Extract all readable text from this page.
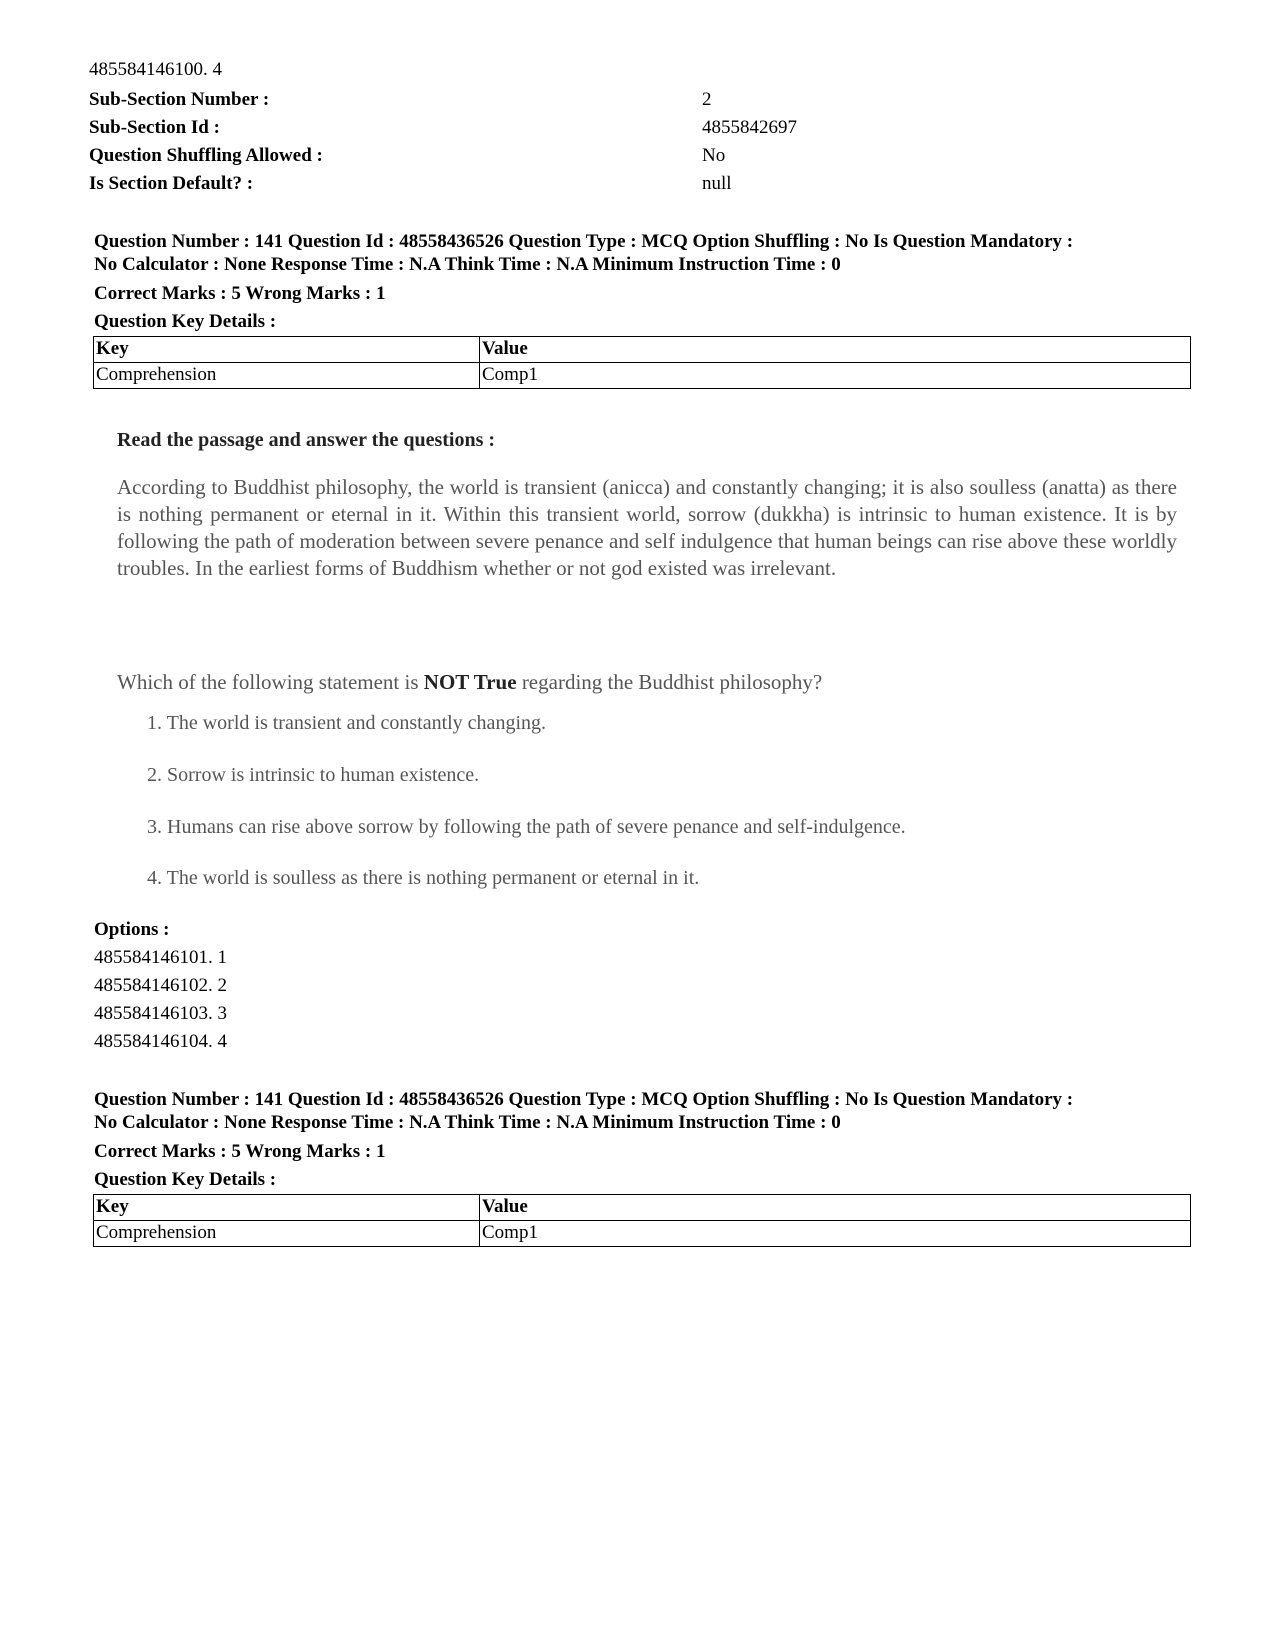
485584146100. 4
Sub-Section Number :	2
Sub-Section Id :	4855842697
Question Shuffling Allowed :	No
Is Section Default? :	null
Question Number : 141 Question Id : 48558436526 Question Type : MCQ Option Shuffling : No Is Question Mandatory :
No Calculator : None Response Time : N.A Think Time : N.A Minimum Instruction Time : 0
Correct Marks : 5 Wrong Marks : 1
Question Key Details :
Key	Value
Comprehension	Comp1
Read the passage and answer the questions :
According to Buddhist philosophy, the world is transient (anicca) and constantly changing; it is also soulless (anatta) as there is nothing permanent or eternal in it. Within this transient world, sorrow (dukkha) is intrinsic to human existence. It is by following the path of moderation between severe penance and self indulgence that human beings can rise above these worldly troubles. In the earliest forms of Buddhism whether or not god existed was irrelevant.
Which of the following statement is NOT True regarding the Buddhist philosophy?
1. The world is transient and constantly changing.
2. Sorrow is intrinsic to human existence.
3. Humans can rise above sorrow by following the path of severe penance and self-indulgence.
4. The world is soulless as there is nothing permanent or eternal in it.
Options :
485584146101. 1
485584146102. 2
485584146103. 3
485584146104. 4
Question Number : 141 Question Id : 48558436526 Question Type : MCQ Option Shuffling : No Is Question Mandatory :
No Calculator : None Response Time : N.A Think Time : N.A Minimum Instruction Time : 0
Correct Marks : 5 Wrong Marks : 1
Question Key Details :
Key	Value
Comprehension	Comp1
